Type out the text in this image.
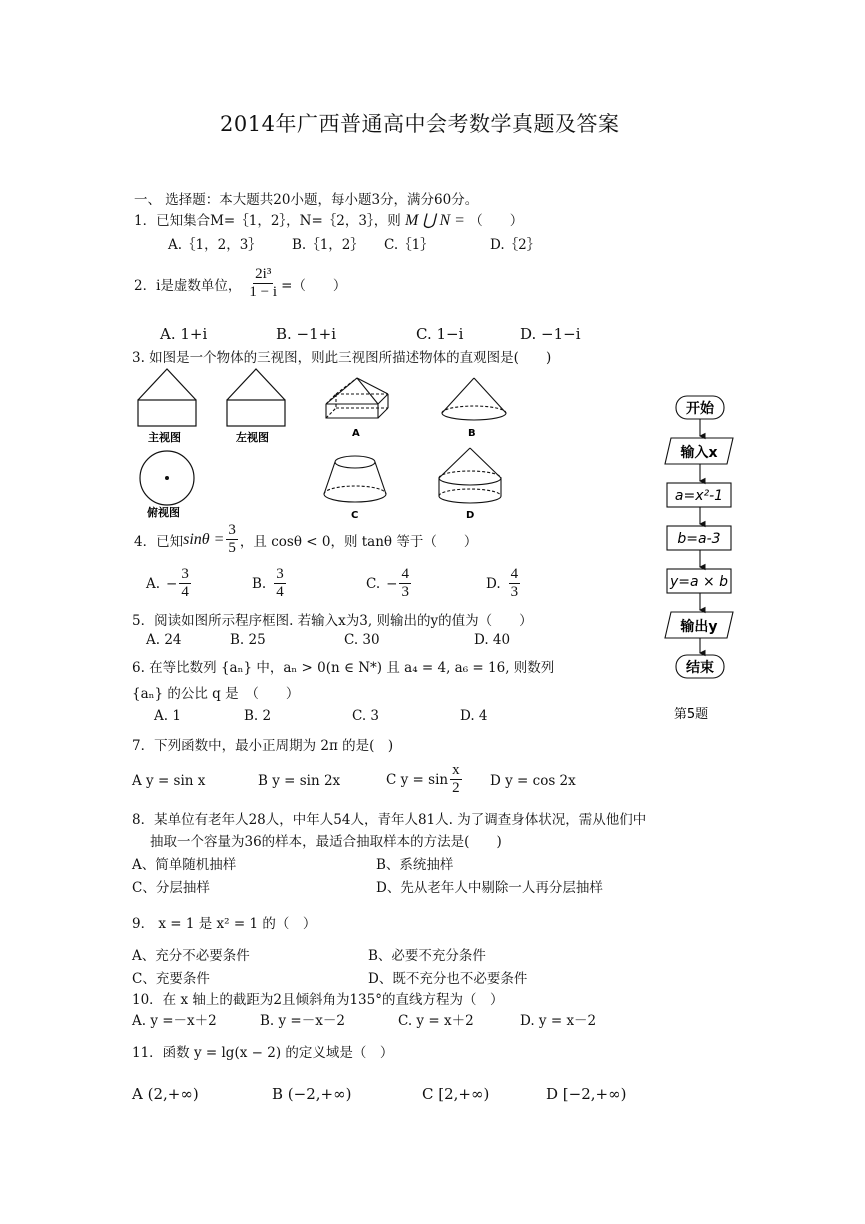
2014年广西普通高中会考数学真题及答案
一、 选择题：本大题共20小题，每小题3分，满分60分。
1．已知集合M=｛1，2｝，N=｛2，3｝，则 M ⋃ N = （　　）
A.｛1，2，3｝ B.｛1，2｝ C.｛1｝	D.｛2｝
2．i是虚数单位， $\frac{\text{2i³}}{1 - i}$ =（　　）
A. 1+i	B. −1+i	C. 1−i	D. −1−i
3. 如图是一个物体的三视图，则此三视图所描述物体的直观图是(　　)
主视图	左视图
俯视图
A	B
C	D
开始
输入x
a=x²-1
b=a-3
y=a × b
输出y
结束
第5题
4．已知 $\sin\theta = \frac{3}{5}$ ，且 cosθ < 0，则 tanθ 等于（　　）
A. − $\frac{3}{4}$	B. $\frac{3}{4}$	C. − $\frac{4}{3}$	D. $\frac{4}{3}$
5．阅读如图所示程序框图. 若输入x为3, 则输出的y的值为（　　）
A. 24	B. 25	C. 30	D. 40
6. 在等比数列 {aₙ} 中，aₙ > 0(n ∈ N*) 且 a₄ = 4, a₆ = 16, 则数列
{aₙ} 的公比 q 是　（　　）
A. 1	B. 2	C. 3	D. 4
7．下列函数中，最小正周期为 2π 的是(　)
A y = sin x	B y = sin 2x	C $y = \sin \frac{x}{2}$ D y = cos 2x
8．某单位有老年人28人，中年人54人，青年人81人. 为了调查身体状况，需从他们中
抽取一个容量为36的样本，最适合抽取样本的方法是(　　)
A、简单随机抽样	B、系统抽样
C、分层抽样	D、先从老年人中剔除一人再分层抽样
9． x = 1 是 x² = 1 的（　）
A、充分不必要条件	B、必要不充分条件
C、充要条件	D、既不充分也不必要条件
10．在 x 轴上的截距为2且倾斜角为135°的直线方程为（　）
A. y =－x＋2	B. y =－x－2	C. y = x＋2	D. y = x－2
11．函数 y = lg(x − 2) 的定义域是（　）
A (2,+∞)	B (−2,+∞)	C [2,+∞)	D [−2,+∞)
